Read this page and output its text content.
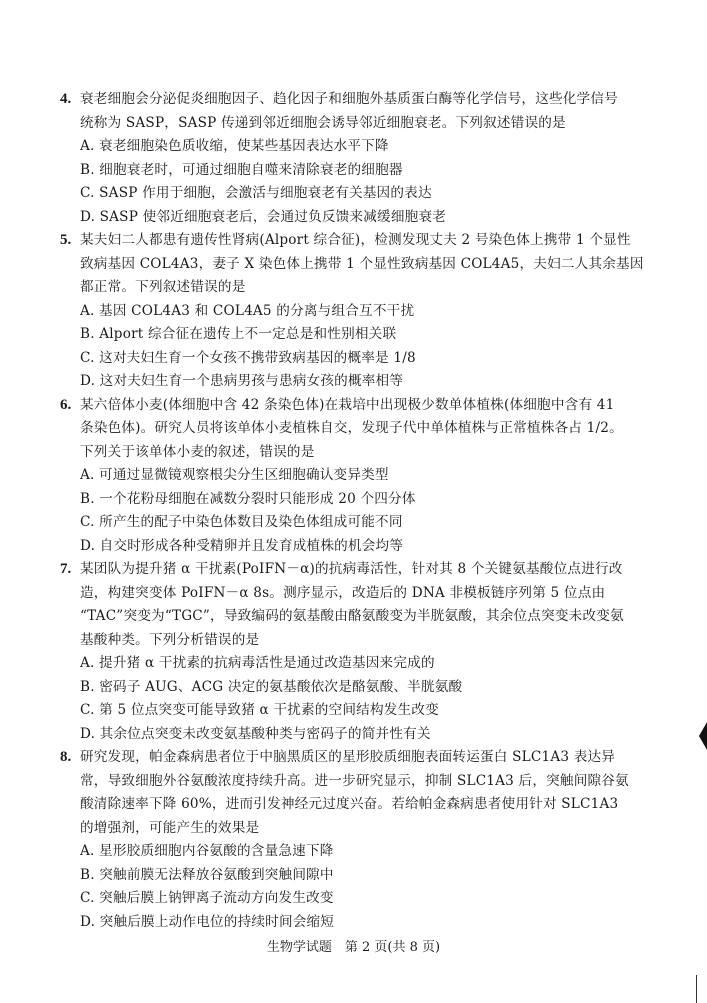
4. 衰老细胞会分泌促炎细胞因子、趋化因子和细胞外基质蛋白酶等化学信号，这些化学信号
统称为 SASP，SASP 传递到邻近细胞会诱导邻近细胞衰老。下列叙述错误的是
A. 衰老细胞染色质收缩，使某些基因表达水平下降
B. 细胞衰老时，可通过细胞自噬来清除衰老的细胞器
C. SASP 作用于细胞，会激活与细胞衰老有关基因的表达
D. SASP 使邻近细胞衰老后，会通过负反馈来减缓细胞衰老
5. 某夫妇二人都患有遗传性肾病(Alport 综合征)，检测发现丈夫 2 号染色体上携带 1 个显性
致病基因 COL4A3，妻子 X 染色体上携带 1 个显性致病基因 COL4A5，夫妇二人其余基因
都正常。下列叙述错误的是
A. 基因 COL4A3 和 COL4A5 的分离与组合互不干扰
B. Alport 综合征在遗传上不一定总是和性别相关联
C. 这对夫妇生育一个女孩不携带致病基因的概率是 1/8
D. 这对夫妇生育一个患病男孩与患病女孩的概率相等
6. 某六倍体小麦(体细胞中含 42 条染色体)在栽培中出现极少数单体植株(体细胞中含有 41
条染色体)。研究人员将该单体小麦植株自交，发现子代中单体植株与正常植株各占 1/2。
下列关于该单体小麦的叙述，错误的是
A. 可通过显微镜观察根尖分生区细胞确认变异类型
B. 一个花粉母细胞在减数分裂时只能形成 20 个四分体
C. 所产生的配子中染色体数目及染色体组成可能不同
D. 自交时形成各种受精卵并且发育成植株的机会均等
7. 某团队为提升猪 α 干扰素(PoIFN－α)的抗病毒活性，针对其 8 个关键氨基酸位点进行改
造，构建突变体 PoIFN－α 8s。测序显示，改造后的 DNA 非模板链序列第 5 位点由
“TAC”突变为“TGC”，导致编码的氨基酸由酪氨酸变为半胱氨酸，其余位点突变未改变氨
基酸种类。下列分析错误的是
A. 提升猪 α 干扰素的抗病毒活性是通过改造基因来完成的
B. 密码子 AUG、ACG 决定的氨基酸依次是酪氨酸、半胱氨酸
C. 第 5 位点突变可能导致猪 α 干扰素的空间结构发生改变
D. 其余位点突变未改变氨基酸种类与密码子的简并性有关
8. 研究发现，帕金森病患者位于中脑黑质区的星形胶质细胞表面转运蛋白 SLC1A3 表达异
常，导致细胞外谷氨酸浓度持续升高。进一步研究显示，抑制 SLC1A3 后，突触间隙谷氨
酸清除速率下降 60%，进而引发神经元过度兴奋。若给帕金森病患者使用针对 SLC1A3
的增强剂，可能产生的效果是
A. 星形胶质细胞内谷氨酸的含量急速下降
B. 突触前膜无法释放谷氨酸到突触间隙中
C. 突触后膜上钠钾离子流动方向发生改变
D. 突触后膜上动作电位的持续时间会缩短
生物学试题　第 2 页(共 8 页)
